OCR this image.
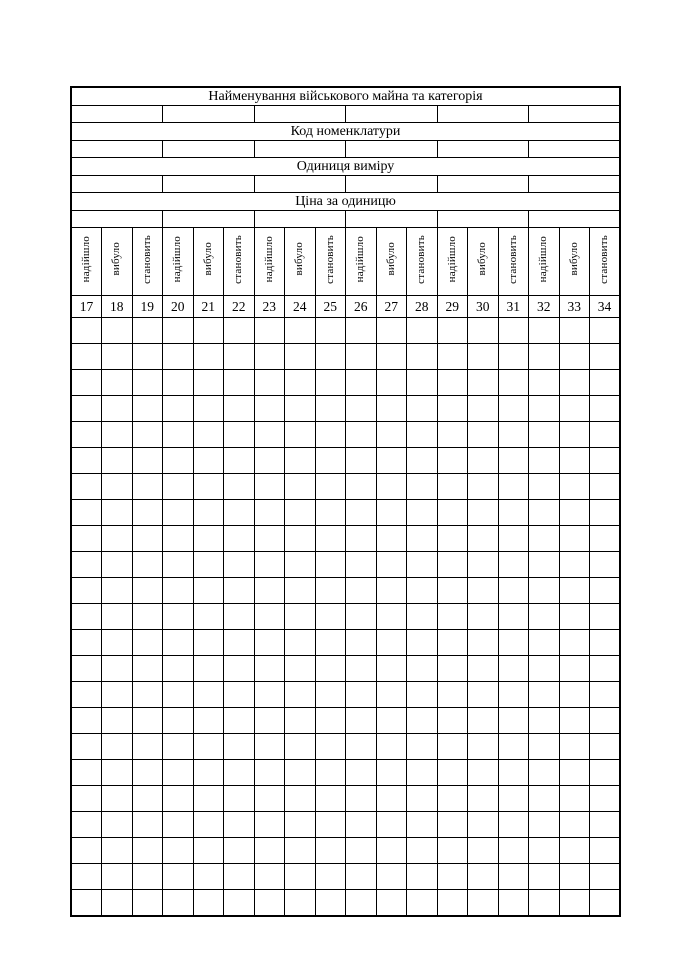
Найменування військового майна та категорія																	

Код номенклатури																	

Одиниця виміру																	

Ціна за одиницю																	

надійшло	вибуло	становить	надійшло	вибуло	становить	надійшло	вибуло	становить	надійшло	вибуло	становить	надійшло	вибуло	становить	надійшло	вибуло	становить
17	18	19	20	21	22	23	24	25	26	27	28	29	30	31	32	33	34
